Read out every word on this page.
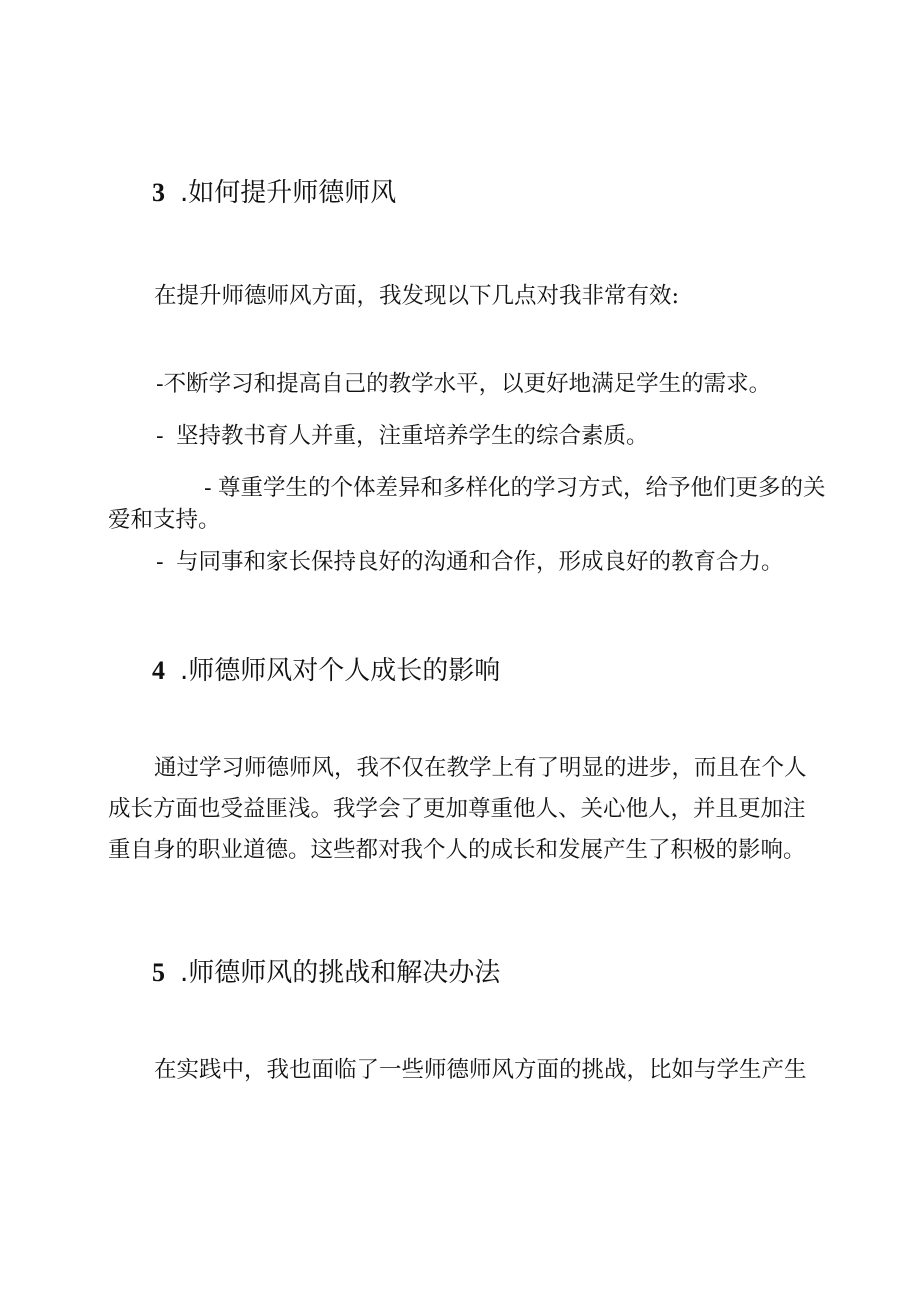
3 .如何提升师德师风

在提升师德师风方面，我发现以下几点对我非常有效:

-不断学习和提高自己的教学水平，以更好地满足学生的需求。

- 坚持教书育人并重，注重培养学生的综合素质。

- 尊重学生的个体差异和多样化的学习方式，给予他们更多的关爱和支持。

- 与同事和家长保持良好的沟通和合作，形成良好的教育合力。

4 .师德师风对个人成长的影响

通过学习师德师风，我不仅在教学上有了明显的进步，而且在个人成长方面也受益匪浅。我学会了更加尊重他人、关心他人，并且更加注重自身的职业道德。这些都对我个人的成长和发展产生了积极的影响。

5 .师德师风的挑战和解决办法

在实践中，我也面临了一些师德师风方面的挑战，比如与学生产生
